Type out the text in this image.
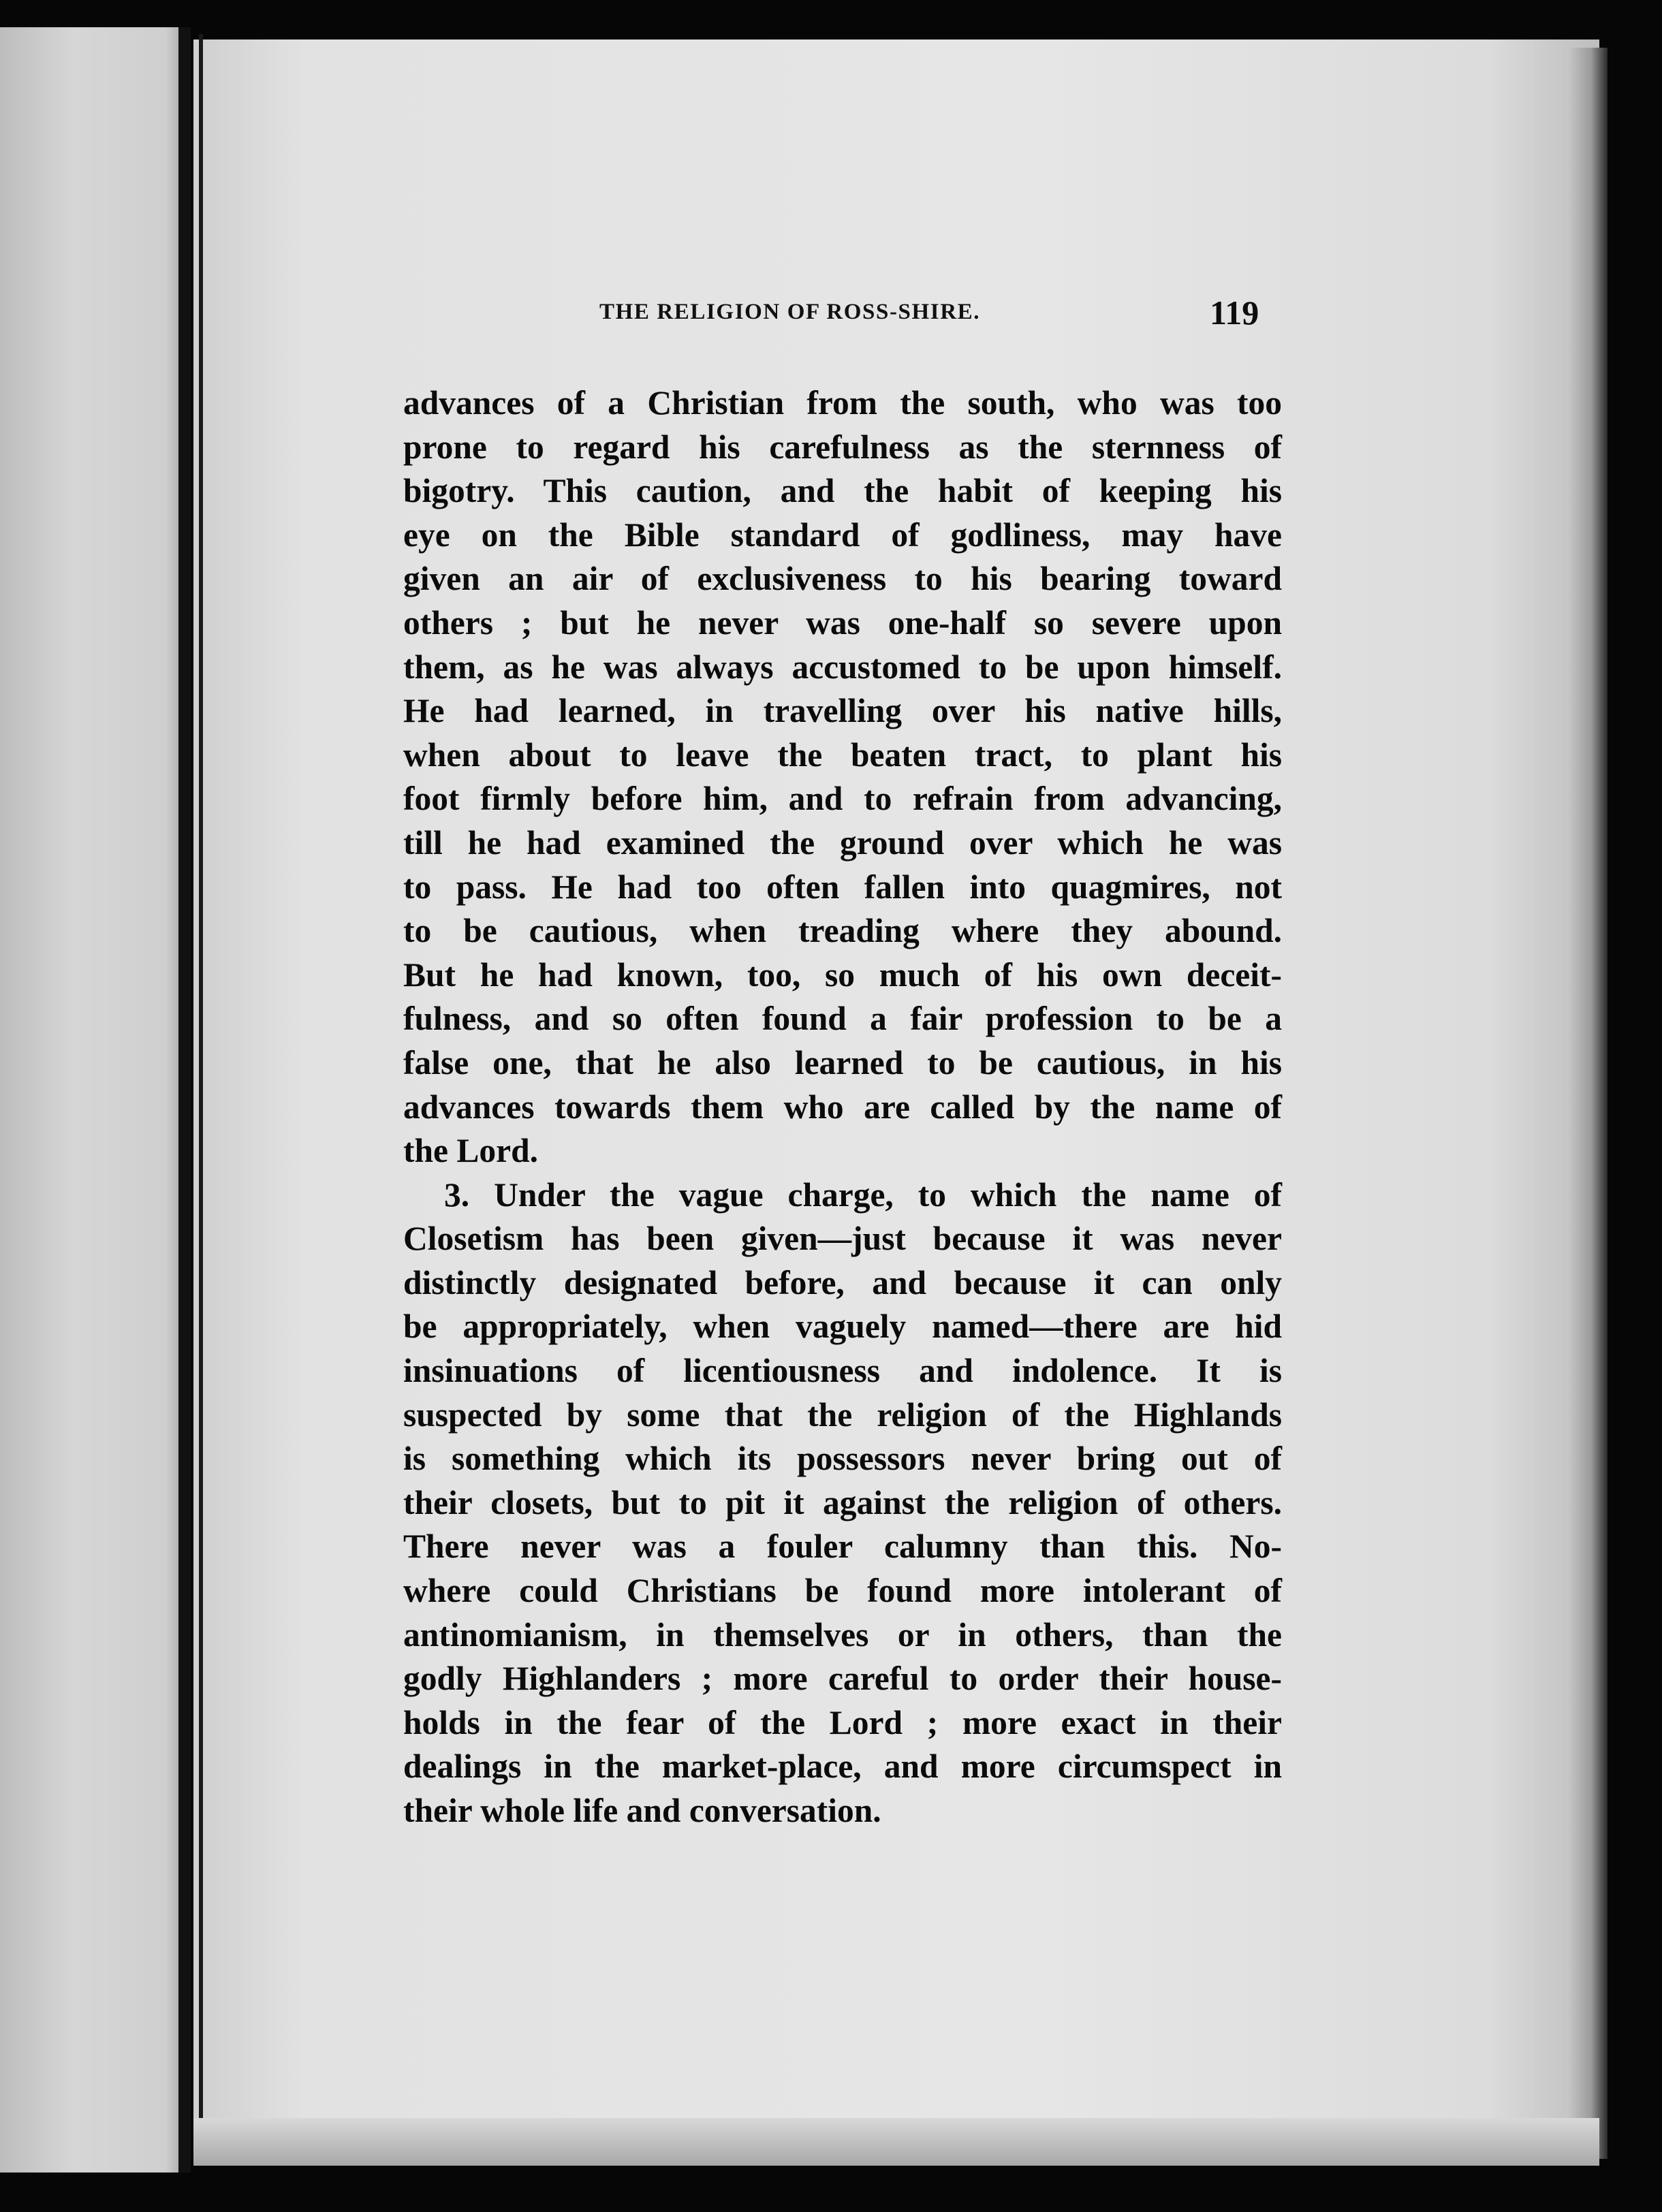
THE RELIGION OF ROSS-SHIRE.	119
advances of a Christian from the south, who was too
prone to regard his carefulness as the sternness of
bigotry. This caution, and the habit of keeping his
eye on the Bible standard of godliness, may have
given an air of exclusiveness to his bearing toward
others ; but he never was one-half so severe upon
them, as he was always accustomed to be upon himself.
He had learned, in travelling over his native hills,
when about to leave the beaten tract, to plant his
foot firmly before him, and to refrain from advancing,
till he had examined the ground over which he was
to pass. He had too often fallen into quagmires, not
to be cautious, when treading where they abound.
But he had known, too, so much of his own deceit-
fulness, and so often found a fair profession to be a
false one, that he also learned to be cautious, in his
advances towards them who are called by the name of
the Lord.
3. Under the vague charge, to which the name of
Closetism has been given—just because it was never
distinctly designated before, and because it can only
be appropriately, when vaguely named—there are hid
insinuations of licentiousness and indolence. It is
suspected by some that the religion of the Highlands
is something which its possessors never bring out of
their closets, but to pit it against the religion of others.
There never was a fouler calumny than this. No-
where could Christians be found more intolerant of
antinomianism, in themselves or in others, than the
godly Highlanders ; more careful to order their house-
holds in the fear of the Lord ; more exact in their
dealings in the market-place, and more circumspect in
their whole life and conversation.
